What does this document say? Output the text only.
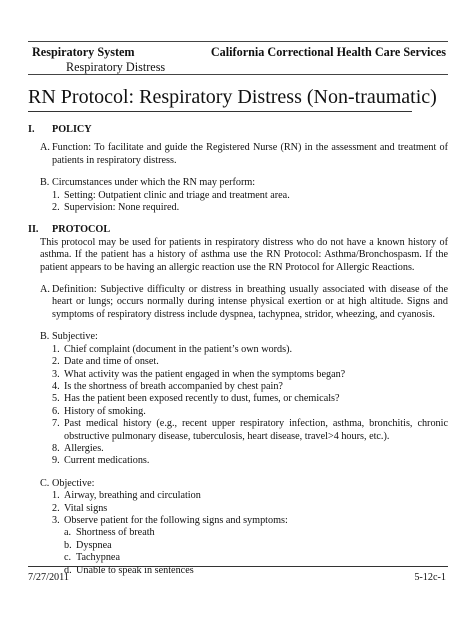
Respiratory System	California Correctional Health Care Services
Respiratory Distress
RN Protocol: Respiratory Distress (Non-traumatic)
I.	POLICY
A. Function: To facilitate and guide the Registered Nurse (RN) in the assessment and treatment of patients in respiratory distress.
B. Circumstances under which the RN may perform:
1. Setting: Outpatient clinic and triage and treatment area.
2. Supervision: None required.
II.	PROTOCOL
This protocol may be used for patients in respiratory distress who do not have a known history of asthma. If the patient has a history of asthma use the RN Protocol: Asthma/Bronchospasm. If the patient appears to be having an allergic reaction use the RN Protocol for Allergic Reactions.
A. Definition: Subjective difficulty or distress in breathing usually associated with disease of the heart or lungs; occurs normally during intense physical exertion or at high altitude. Signs and symptoms of respiratory distress include dyspnea, tachypnea, stridor, wheezing, and cyanosis.
B. Subjective:
1. Chief complaint (document in the patient’s own words).
2. Date and time of onset.
3. What activity was the patient engaged in when the symptoms began?
4. Is the shortness of breath accompanied by chest pain?
5. Has the patient been exposed recently to dust, fumes, or chemicals?
6. History of smoking.
7. Past medical history (e.g., recent upper respiratory infection, asthma, bronchitis, chronic obstructive pulmonary disease, tuberculosis, heart disease, travel>4 hours, etc.).
8. Allergies.
9. Current medications.
C. Objective:
1. Airway, breathing and circulation
2. Vital signs
3. Observe patient for the following signs and symptoms:
a. Shortness of breath
b. Dyspnea
c. Tachypnea
d. Unable to speak in sentences
7/27/2011	5-12c-1
